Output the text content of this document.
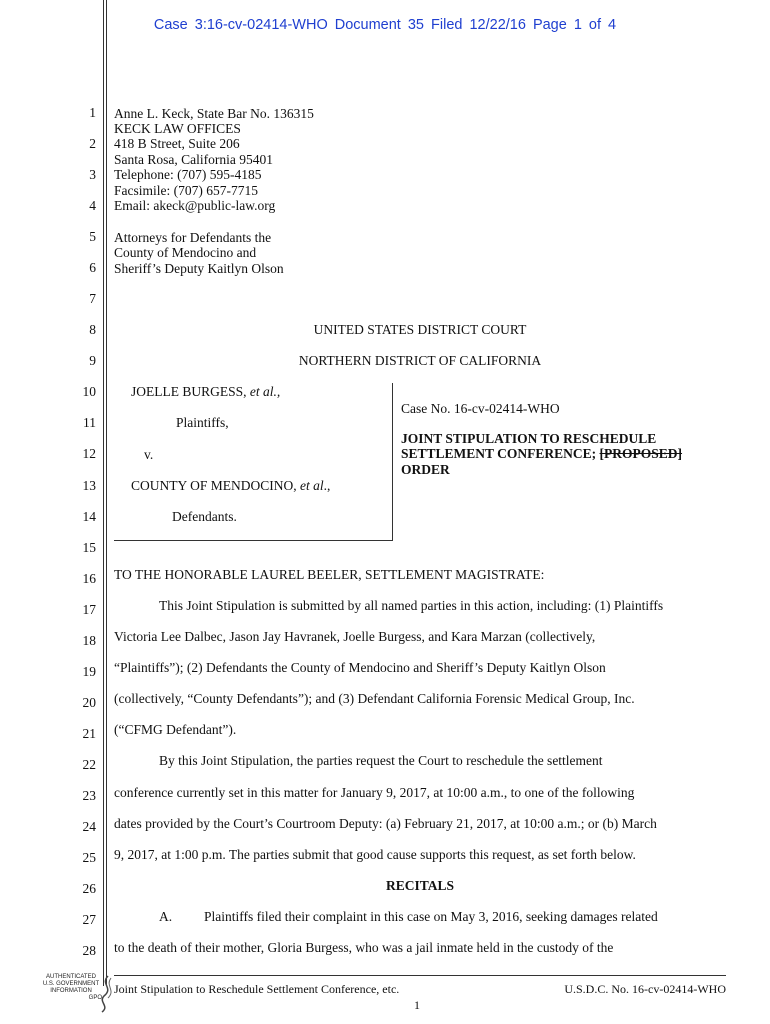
Case 3:16-cv-02414-WHO Document 35 Filed 12/22/16 Page 1 of 4
1
2
3
4
5
6
7
8
9
10
11
12
13
14
15
16
17
18
19
20
21
22
23
24
25
26
27
28
Anne L. Keck, State Bar No. 136315
KECK LAW OFFICES
418 B Street, Suite 206
Santa Rosa, California 95401
Telephone: (707) 595-4185
Facsimile: (707) 657-7715
Email: akeck@public-law.org
Attorneys for Defendants the
County of Mendocino and
Sheriff’s Deputy Kaitlyn Olson
UNITED STATES DISTRICT COURT
NORTHERN DISTRICT OF CALIFORNIA
JOELLE BURGESS, et al.,
Plaintiffs,
v.
COUNTY OF MENDOCINO, et al.,
Defendants.
Case No. 16-cv-02414-WHO
JOINT STIPULATION TO RESCHEDULE
SETTLEMENT CONFERENCE; [PROPOSED]
ORDER
TO THE HONORABLE LAUREL BEELER, SETTLEMENT MAGISTRATE:
This Joint Stipulation is submitted by all named parties in this action, including: (1) Plaintiffs
Victoria Lee Dalbec, Jason Jay Havranek, Joelle Burgess, and Kara Marzan (collectively,
“Plaintiffs”); (2) Defendants the County of Mendocino and Sheriff’s Deputy Kaitlyn Olson
(collectively, “County Defendants”); and (3) Defendant California Forensic Medical Group, Inc.
(“CFMG Defendant”).
By this Joint Stipulation, the parties request the Court to reschedule the settlement
conference currently set in this matter for January 9, 2017, at 10:00 a.m., to one of the following
dates provided by the Court’s Courtroom Deputy: (a) February 21, 2017, at 10:00 a.m.; or (b) March
9, 2017, at 1:00 p.m. The parties submit that good cause supports this request, as set forth below.
RECITALS
A. Plaintiffs filed their complaint in this case on May 3, 2016, seeking damages related
to the death of their mother, Gloria Burgess, who was a jail inmate held in the custody of the
Joint Stipulation to Reschedule Settlement Conference, etc.	U.S.D.C. No. 16-cv-02414-WHO
1
AUTHENTICATED
U.S. GOVERNMENT
INFORMATION
GPO
